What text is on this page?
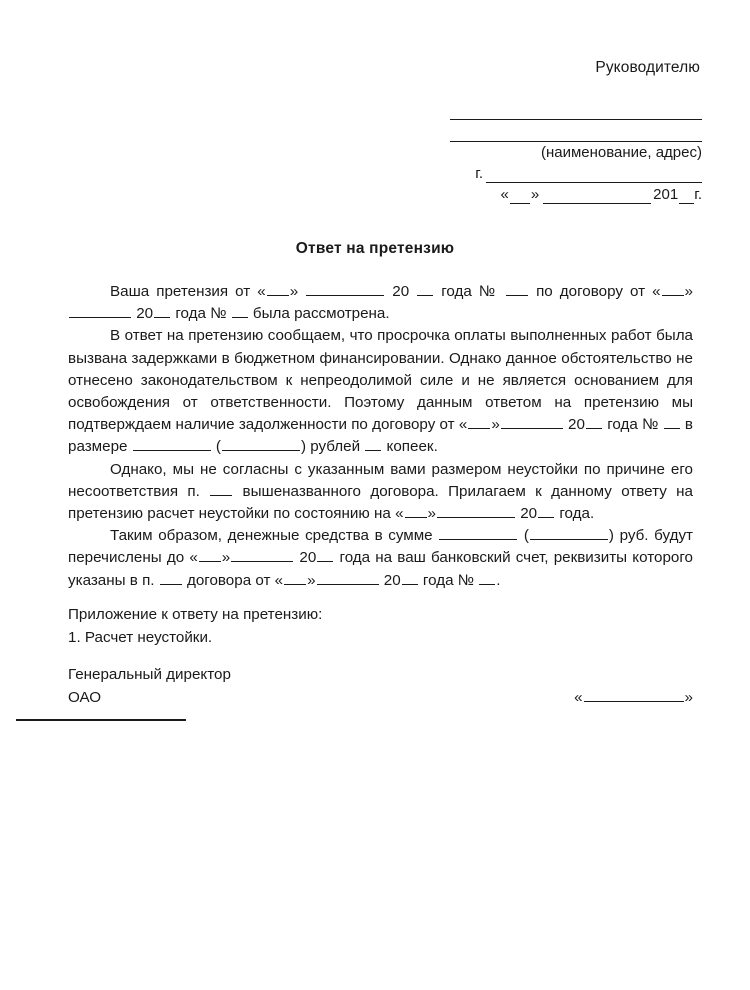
Руководителю
(наименование, адрес)
г.
« »	201 г.
Ответ на претензию

Ваша претензия от « »	20  года №  по договору от « » 20 года №  была рассмотрена.

В ответ на претензию сообщаем, что просрочка оплаты выполненных работ была вызвана задержками в бюджетном финансировании. Однако данное обстоятельство не отнесено законодательством к непреодолимой силе и не является основанием для освобождения от ответственности. Поэтому данным ответом на претензию мы подтверждаем наличие задолженности по договору от « »	20 года №  в размере	(	) рублей  копеек.

Однако, мы не согласны с указанным вами размером неустойки по причине его несоответствия п.  вышеназванного договора. Прилагаем к данному ответу на претензию расчет неустойки по состоянию на « »	20 года.

Таким образом, денежные средства в сумме	(	) руб. будут перечислены до « »	20 года на ваш банковский счет, реквизиты которого указаны в п.  договора от « »	20 года № .

Приложение к ответу на претензию:
1. Расчет неустойки.
Генеральный директор
ОАО	«	»
